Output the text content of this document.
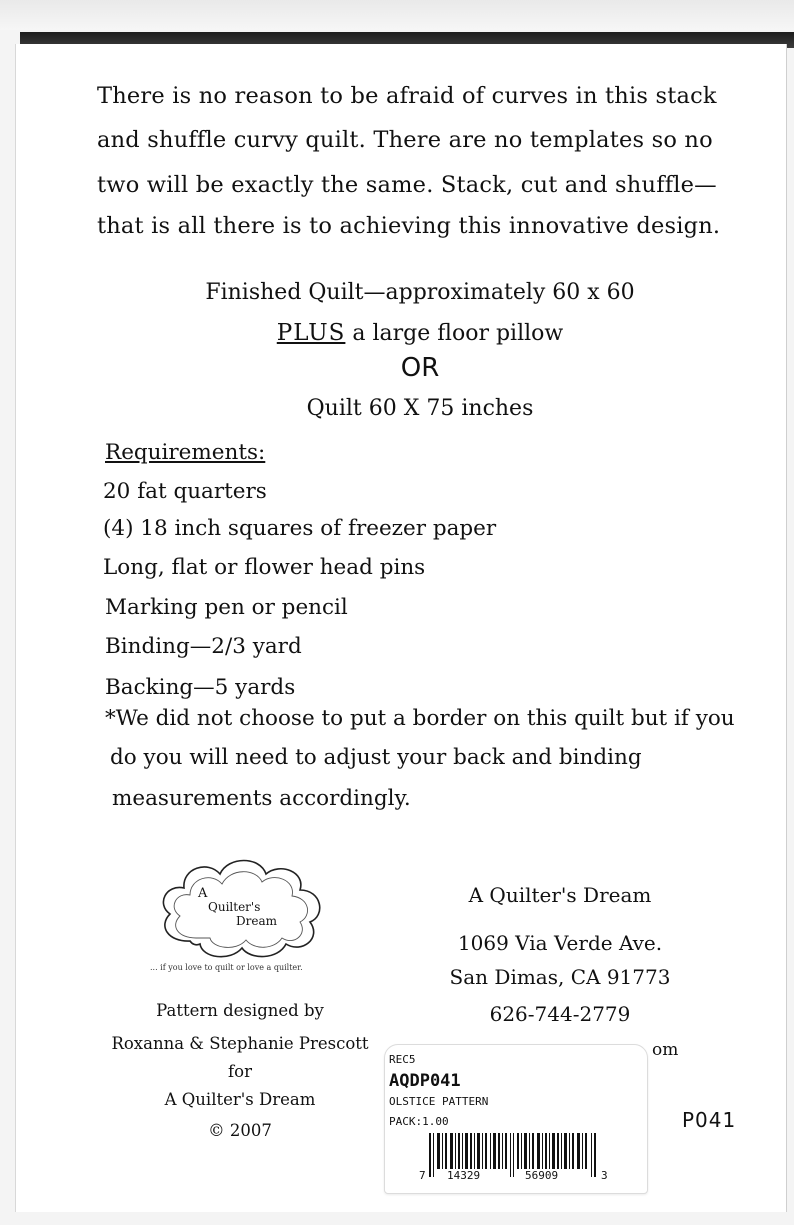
There is no reason to be afraid of curves in this stack

and shuffle curvy quilt. There are no templates so no

two will be exactly the same. Stack, cut and shuffle—

that is all there is to achieving this innovative design.

Finished Quilt—approximately 60 x 60

PLUS a large floor pillow

OR

Quilt 60 X 75 inches

Requirements:

20 fat quarters

(4) 18 inch squares of freezer paper

Long, flat or flower head pins

Marking pen or pencil

Binding—2/3 yard

Backing—5 yards

*We did not choose to put a border on this quilt but if you

do you will need to adjust your back and binding

measurements accordingly.

A
Quilter's
Dream
... if you love to quilt or love a quilter.
Pattern designed by
Roxanna & Stephanie Prescott
for
A Quilter's Dream
© 2007
A Quilter's Dream
1069 Via Verde Ave.
San Dimas, CA 91773
626-744-2779
om
REC5
AQDP041
OLSTICE PATTERN
PACK:1.00
7 14329	56909	3
P041
